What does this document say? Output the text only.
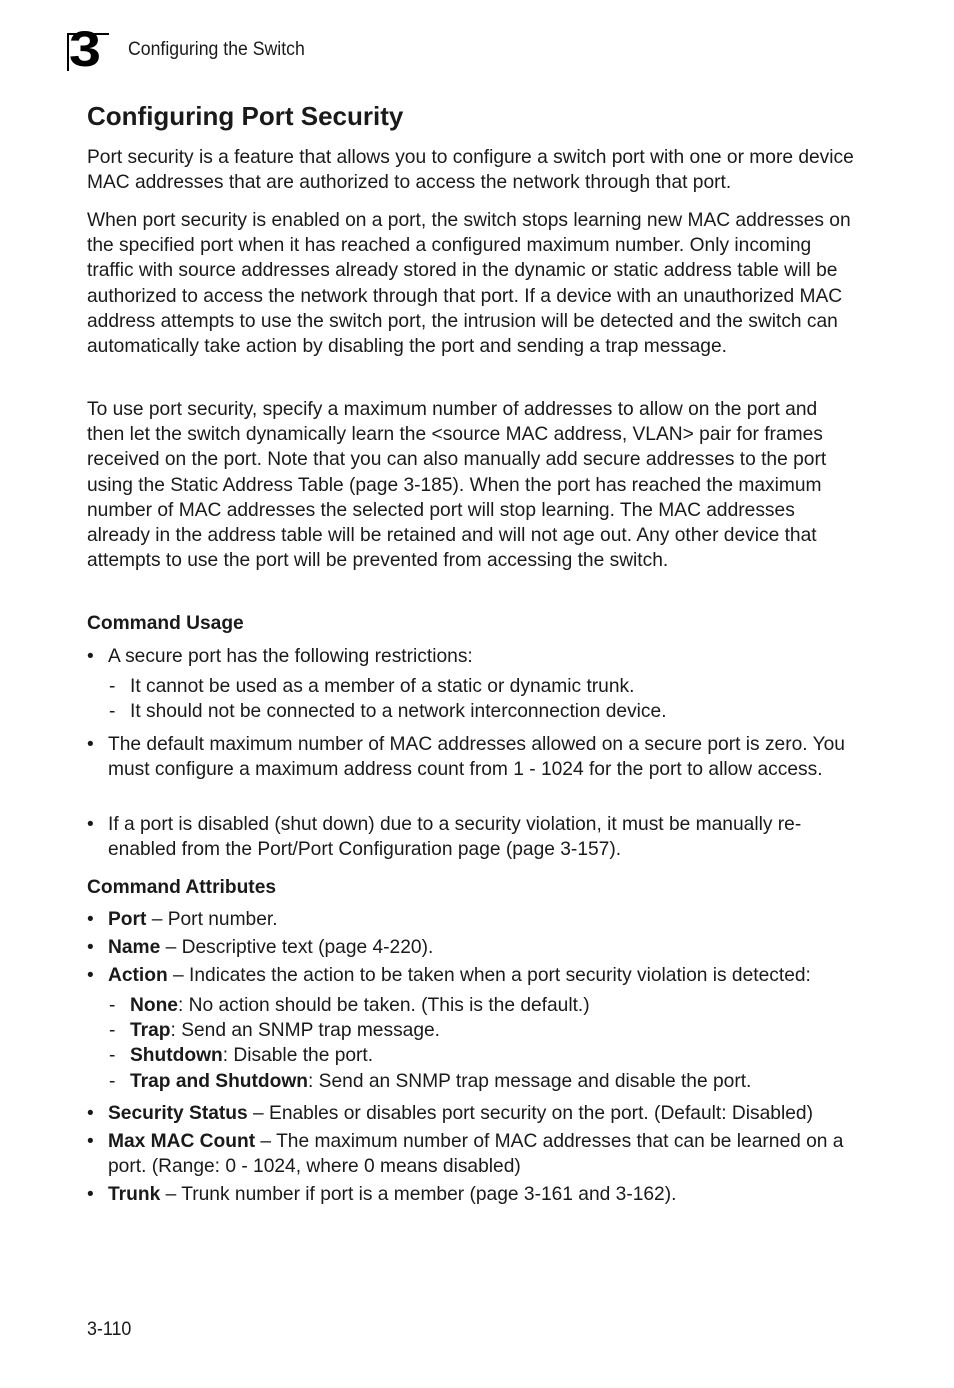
3 Configuring the Switch
Configuring Port Security

Port security is a feature that allows you to configure a switch port with one or more device MAC addresses that are authorized to access the network through that port.

When port security is enabled on a port, the switch stops learning new MAC addresses on the specified port when it has reached a configured maximum number. Only incoming traffic with source addresses already stored in the dynamic or static address table will be authorized to access the network through that port. If a device with an unauthorized MAC address attempts to use the switch port, the intrusion will be detected and the switch can automatically take action by disabling the port and sending a trap message.

To use port security, specify a maximum number of addresses to allow on the port and then let the switch dynamically learn the <source MAC address, VLAN> pair for frames received on the port. Note that you can also manually add secure addresses to the port using the Static Address Table (page 3-185). When the port has reached the maximum number of MAC addresses the selected port will stop learning. The MAC addresses already in the address table will be retained and will not age out. Any other device that attempts to use the port will be prevented from accessing the switch.

Command Usage
• A secure port has the following restrictions:
- It cannot be used as a member of a static or dynamic trunk.
- It should not be connected to a network interconnection device.
• The default maximum number of MAC addresses allowed on a secure port is zero. You must configure a maximum address count from 1 - 1024 for the port to allow access.
• If a port is disabled (shut down) due to a security violation, it must be manually re-enabled from the Port/Port Configuration page (page 3-157).
Command Attributes
• Port – Port number.
• Name – Descriptive text (page 4-220).
• Action – Indicates the action to be taken when a port security violation is detected:
- None: No action should be taken. (This is the default.)
- Trap: Send an SNMP trap message.
- Shutdown: Disable the port.
- Trap and Shutdown: Send an SNMP trap message and disable the port.
• Security Status – Enables or disables port security on the port. (Default: Disabled)
• Max MAC Count – The maximum number of MAC addresses that can be learned on a port. (Range: 0 - 1024, where 0 means disabled)
• Trunk – Trunk number if port is a member (page 3-161 and 3-162).
3-110
